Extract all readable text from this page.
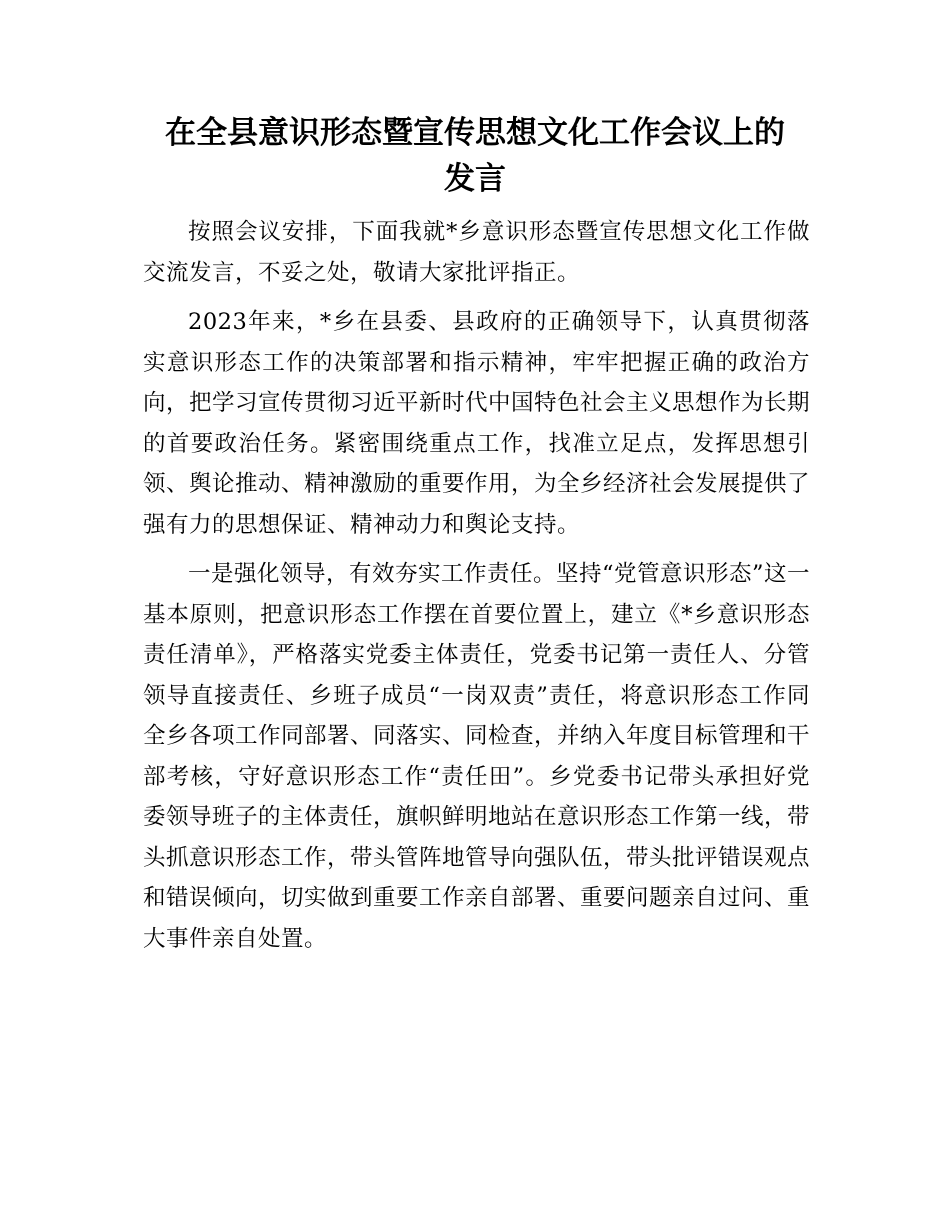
在全县意识形态暨宣传思想文化工作会议上的
发言

按照会议安排，下面我就*乡意识形态暨宣传思想文化工作做交流发言，不妥之处，敬请大家批评指正。

2023年来，*乡在县委、县政府的正确领导下，认真贯彻落实意识形态工作的决策部署和指示精神，牢牢把握正确的政治方向，把学习宣传贯彻习近平新时代中国特色社会主义思想作为长期的首要政治任务。紧密围绕重点工作，找准立足点，发挥思想引领、舆论推动、精神激励的重要作用，为全乡经济社会发展提供了强有力的思想保证、精神动力和舆论支持。

一是强化领导，有效夯实工作责任。坚持“党管意识形态”这一基本原则，把意识形态工作摆在首要位置上，建立《*乡意识形态责任清单》，严格落实党委主体责任，党委书记第一责任人、分管领导直接责任、乡班子成员“一岗双责”责任，将意识形态工作同全乡各项工作同部署、同落实、同检查，并纳入年度目标管理和干部考核，守好意识形态工作“责任田”。乡党委书记带头承担好党委领导班子的主体责任，旗帜鲜明地站在意识形态工作第一线，带头抓意识形态工作，带头管阵地管导向强队伍，带头批评错误观点和错误倾向，切实做到重要工作亲自部署、重要问题亲自过问、重大事件亲自处置。
